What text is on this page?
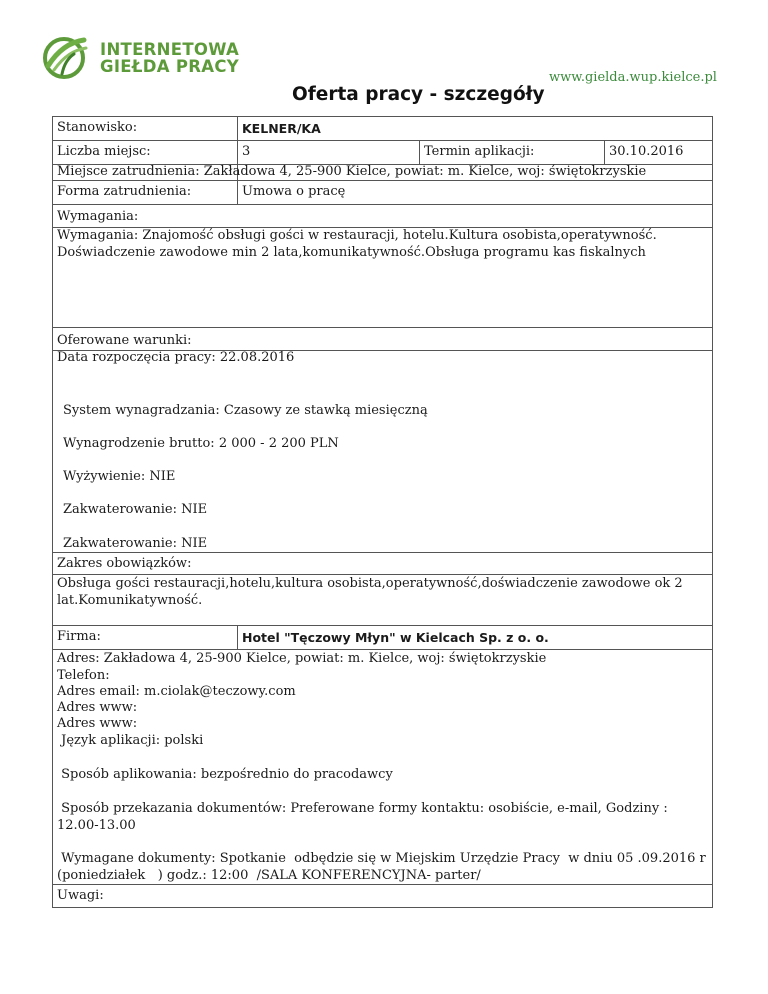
INTERNETOWA
GIEŁDA PRACY
www.gielda.wup.kielce.pl
Oferta pracy - szczegóły
Stanowisko:	KELNER/KA
Liczba miejsc:	3	Termin aplikacji:	30.10.2016
Miejsce zatrudnienia: Zakładowa 4, 25-900 Kielce, powiat: m. Kielce, woj: świętokrzyskie
Forma zatrudnienia:	Umowa o pracę
Wymagania:
Wymagania: Znajomość obsługi gości w restauracji, hotelu.Kultura osobista,operatywność.
Doświadczenie zawodowe min 2 lata,komunikatywność.Obsługa programu kas fiskalnych
Oferowane warunki:
Data rozpoczęcia pracy: 22.08.2016
System wynagradzania: Czasowy ze stawką miesięczną
Wynagrodzenie brutto: 2 000 - 2 200 PLN
Wyżywienie: NIE
Zakwaterowanie: NIE
Zakwaterowanie: NIE
Zakres obowiązków:
Obsługa gości restauracji,hotelu,kultura osobista,operatywność,doświadczenie zawodowe ok 2
lat.Komunikatywność.
Firma:	Hotel "Tęczowy Młyn" w Kielcach Sp. z o. o.
Adres: Zakładowa 4, 25-900 Kielce, powiat: m. Kielce, woj: świętokrzyskie
Telefon:
Adres email: m.ciolak@teczowy.com
Adres www:
Adres www:
Język aplikacji: polski
Sposób aplikowania: bezpośrednio do pracodawcy
Sposób przekazania dokumentów: Preferowane formy kontaktu: osobiście, e-mail, Godziny :
12.00-13.00
Wymagane dokumenty: Spotkanie  odbędzie się w Miejskim Urzędzie Pracy  w dniu 05 .09.2016 r
(poniedziałek   ) godz.: 12:00  /SALA KONFERENCYJNA- parter/
Uwagi:
